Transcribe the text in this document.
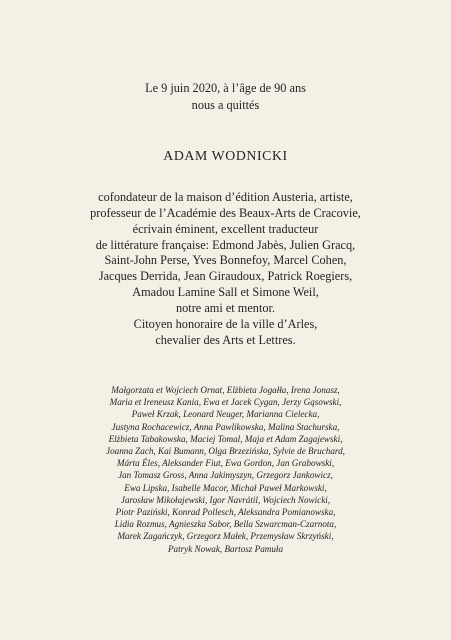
Le 9 juin 2020, à l’âge de 90 ans
nous a quittés
ADAM WODNICKI
cofondateur de la maison d’édition Austeria, artiste,
professeur de l’Académie des Beaux-Arts de Cracovie,
écrivain éminent, excellent traducteur
de littérature française: Edmond Jabès, Julien Gracq,
Saint-John Perse, Yves Bonnefoy, Marcel Cohen,
Jacques Derrida, Jean Giraudoux, Patrick Roegiers,
Amadou Lamine Sall et Simone Weil,
notre ami et mentor.
Citoyen honoraire de la ville d’Arles,
chevalier des Arts et Lettres.
Małgorzata et Wojciech Ornat, Elżbieta Jogałła, Irena Jonasz,
Maria et Ireneusz Kania, Ewa et Jacek Cygan, Jerzy Gąsowski,
Paweł Krzak, Leonard Neuger, Marianna Cielecka,
Justyna Rochacewicz, Anna Pawlikowska, Malina Stachurska,
Elżbieta Tabakowska, Maciej Tomal, Maja et Adam Zagajewski,
Joanna Zach, Kai Bumann, Olga Brzezińska, Sylvie de Bruchard,
Márta Éles, Aleksander Fiut, Ewa Gordon, Jan Grabowski,
Jan Tomasz Gross, Anna Jakimyszyn, Grzegorz Jankowicz,
Ewa Lipska, Isabelle Macor, Michał Paweł Markowski,
Jarosław Mikołajewski, Igor Navrátil, Wojciech Nowicki,
Piotr Paziński, Konrad Pollesch, Aleksandra Pomianowska,
Lidia Rozmus, Agnieszka Sabor, Bella Szwarcman-Czarnota,
Marek Zagańczyk, Grzegorz Małek, Przemysław Skrzyński,
Patryk Nowak, Bartosz Pamuła
